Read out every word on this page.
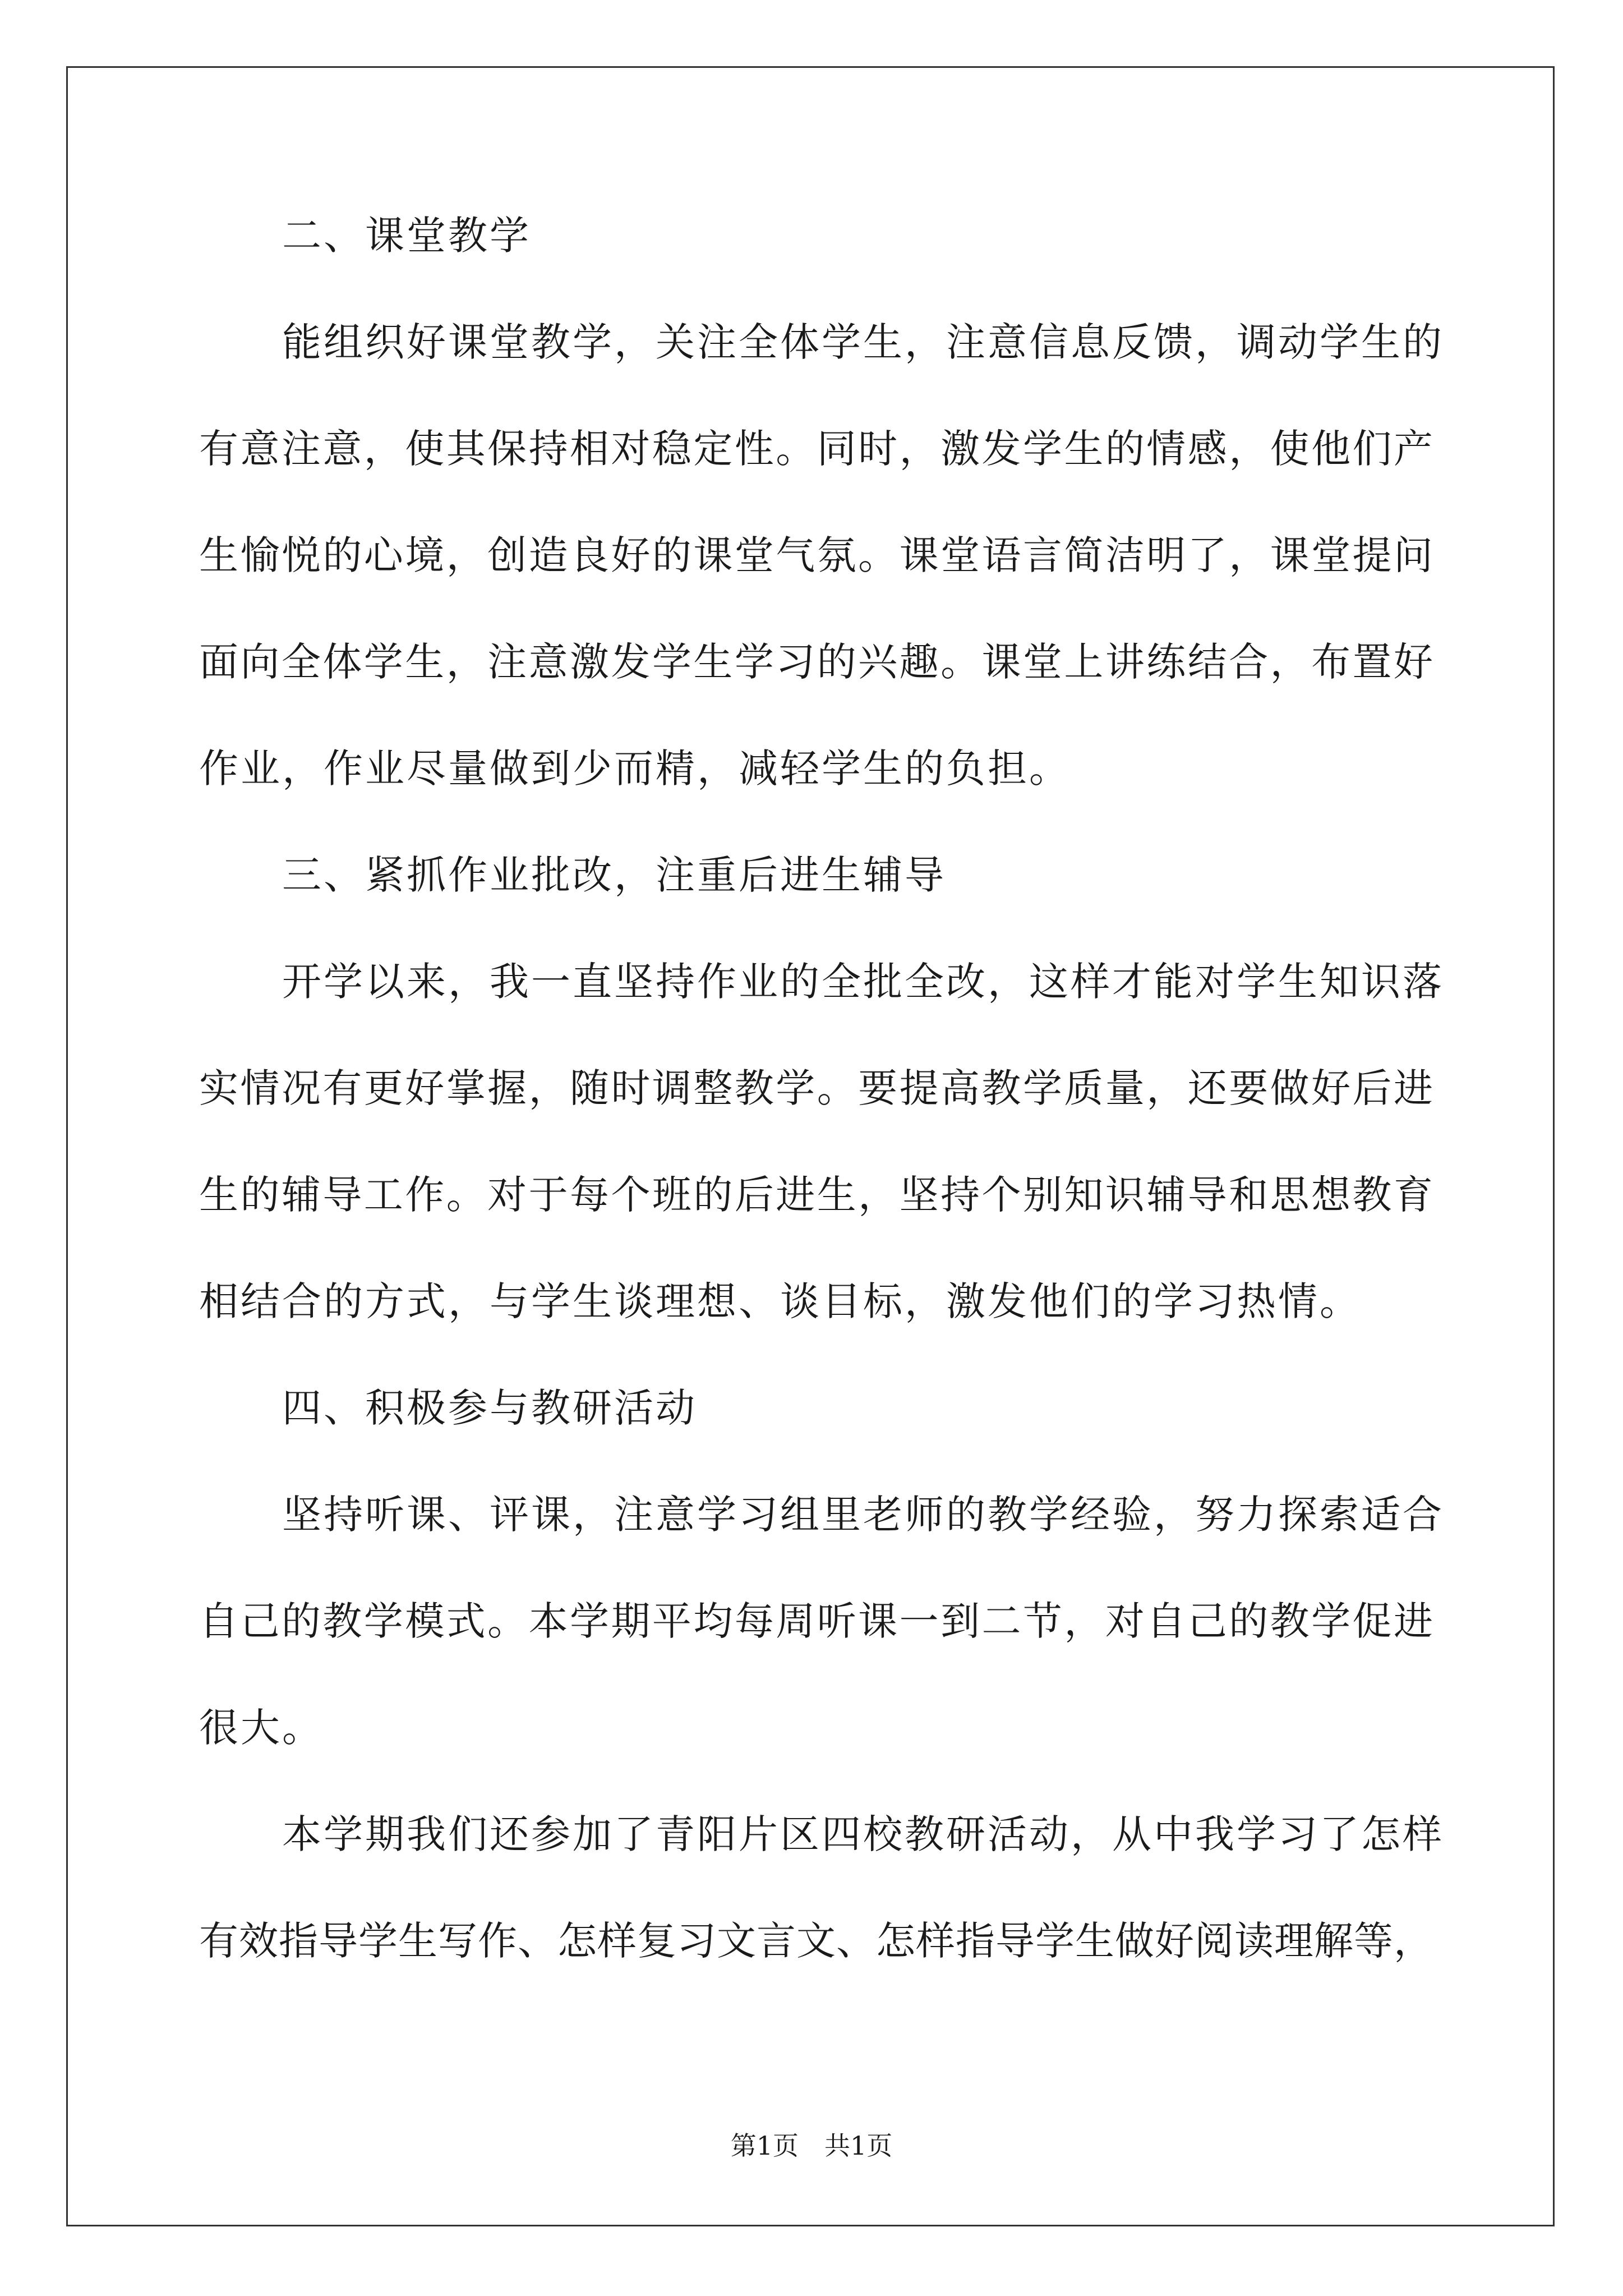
二、课堂教学
能组织好课堂教学，关注全体学生，注意信息反馈，调动学生的
有意注意，使其保持相对稳定性。同时，激发学生的情感，使他们产
生愉悦的心境，创造良好的课堂气氛。课堂语言简洁明了，课堂提问
面向全体学生，注意激发学生学习的兴趣。课堂上讲练结合，布置好
作业，作业尽量做到少而精，减轻学生的负担。
三、紧抓作业批改，注重后进生辅导
开学以来，我一直坚持作业的全批全改，这样才能对学生知识落
实情况有更好掌握，随时调整教学。要提高教学质量，还要做好后进
生的辅导工作。对于每个班的后进生，坚持个别知识辅导和思想教育
相结合的方式，与学生谈理想、谈目标，激发他们的学习热情。
四、积极参与教研活动
坚持听课、评课，注意学习组里老师的教学经验，努力探索适合
自己的教学模式。本学期平均每周听课一到二节，对自己的教学促进
很大。
本学期我们还参加了青阳片区四校教研活动，从中我学习了怎样
有效指导学生写作、怎样复习文言文、怎样指导学生做好阅读理解等，
第1页　共1页
